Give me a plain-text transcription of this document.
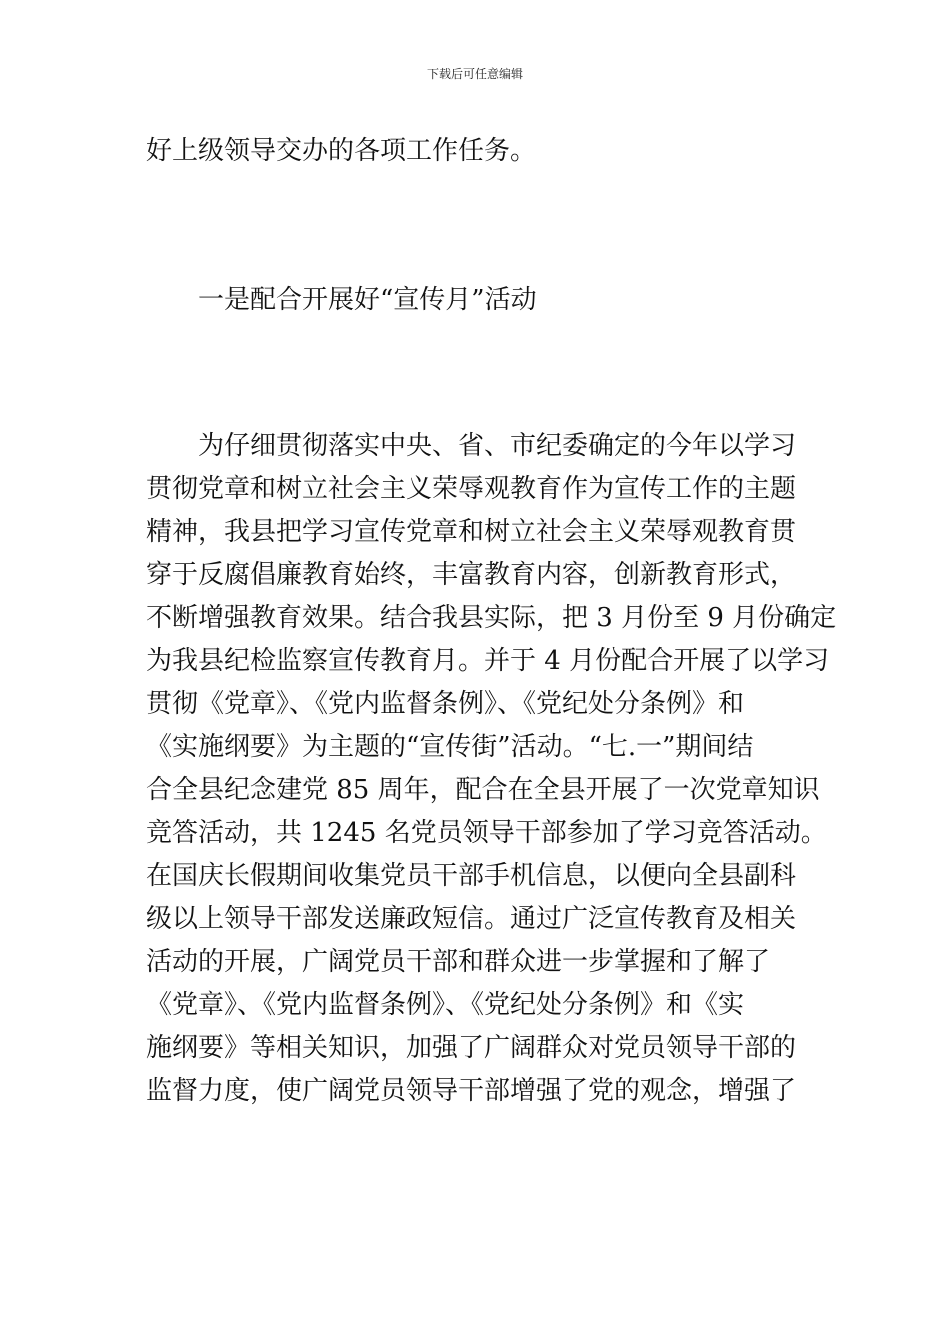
下载后可任意编辑

好上级领导交办的各项工作任务。

一是配合开展好“宣传月”活动
　　为仔细贯彻落实中央、省、市纪委确定的今年以学习
贯彻党章和树立社会主义荣辱观教育作为宣传工作的主题
精神，我县把学习宣传党章和树立社会主义荣辱观教育贯
穿于反腐倡廉教育始终，丰富教育内容，创新教育形式，
不断增强教育效果。结合我县实际，把 3 月份至 9 月份确定
为我县纪检监察宣传教育月。并于 4 月份配合开展了以学习
贯彻《党章》、《党内监督条例》、《党纪处分条例》和
《实施纲要》为主题的“宣传街”活动。“七.一”期间结
合全县纪念建党 85 周年，配合在全县开展了一次党章知识
竞答活动，共 1245 名党员领导干部参加了学习竞答活动。
在国庆长假期间收集党员干部手机信息，以便向全县副科
级以上领导干部发送廉政短信。通过广泛宣传教育及相关
活动的开展，广阔党员干部和群众进一步掌握和了解了
《党章》、《党内监督条例》、《党纪处分条例》和《实
施纲要》等相关知识，加强了广阔群众对党员领导干部的
监督力度，使广阔党员领导干部增强了党的观念，增强了
